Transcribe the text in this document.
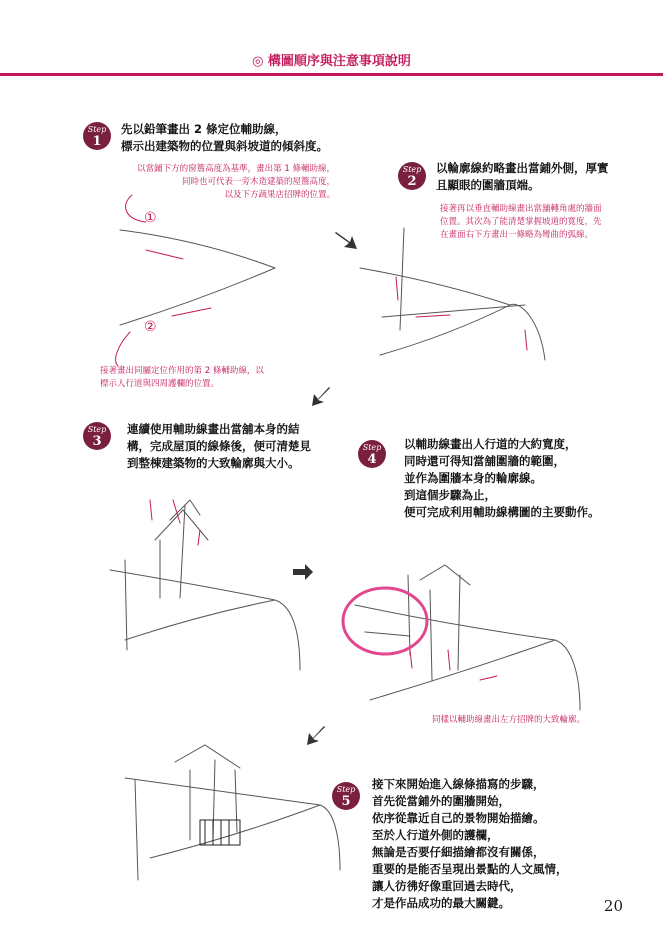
◎ 構圖順序與注意事項說明
Step
1
先以鉛筆畫出 2 條定位輔助線，
標示出建築物的位置與斜坡道的傾斜度。
以當鋪下方的窗簷高度為基準，畫出第 1 條輔助線，
同時也可代表一旁木造建築的屋簷高度，
以及下方蔬果店招牌的位置。
①
②
接著畫出同屬定位作用的第 2 條輔助線，以
標示人行道與四周護欄的位置。
Step
2
以輪廓線約略畫出當鋪外側，厚實
且顯眼的圍牆頂端。
接著再以垂直輔助線畫出當舖轉角處的牆面
位置。其次為了能清楚掌握坡道的寬度，先
在畫面右下方畫出一條略為彎曲的弧線。
Step
3
連續使用輔助線畫出當舖本身的結
構，完成屋頂的線條後，便可清楚見
到整棟建築物的大致輪廓與大小。
Step
4
以輔助線畫出人行道的大約寬度，
同時還可得知當舖圍牆的範圍，
並作為圍牆本身的輪廓線。
到這個步驟為止，
便可完成利用輔助線構圖的主要動作。
同樣以輔助線畫出左方招牌的大致輪廓。
Step
5
接下來開始進入線條描寫的步驟，
首先從當鋪外的圍牆開始，
依序從靠近自己的景物開始描繪。
至於人行道外側的護欄，
無論是否要仔細描繪都沒有關係，
重要的是能否呈現出景點的人文風情，
讓人彷彿好像重回過去時代，
才是作品成功的最大關鍵。	20
